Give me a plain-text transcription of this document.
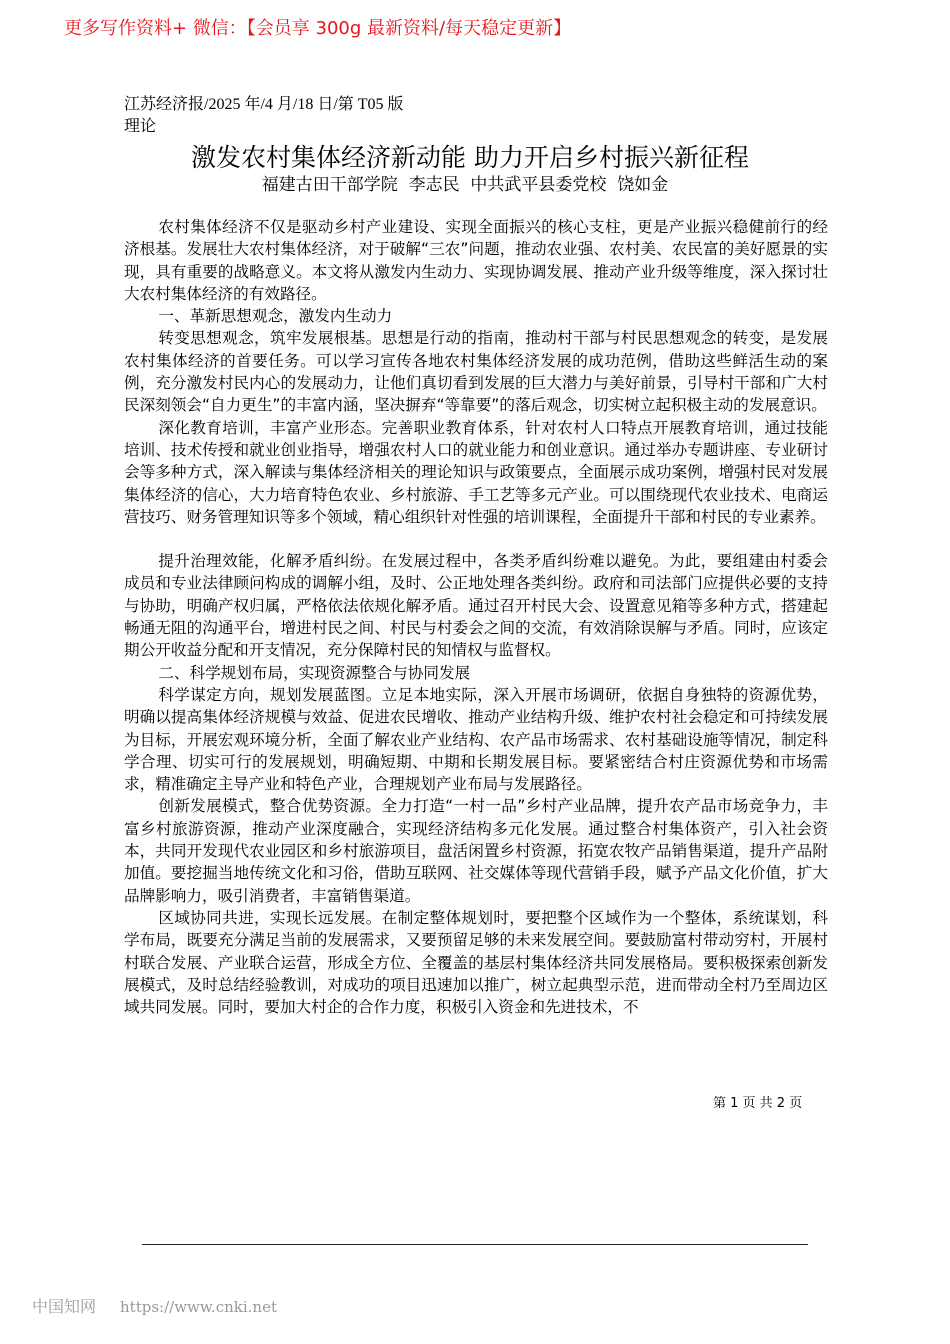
更多写作资料+ 微信：【会员享 300g 最新资料/每天稳定更新】
江苏经济报/2025 年/4 月/18 日/第 T05 版理论
激发农村集体经济新动能 助力开启乡村振兴新征程
福建古田干部学院  李志民  中共武平县委党校  饶如金

农村集体经济不仅是驱动乡村产业建设、实现全面振兴的核心支柱，更是产业振兴稳健前行的经济根基。发展壮大农村集体经济，对于破解“三农”问题，推动农业强、农村美、农民富的美好愿景的实现，具有重要的战略意义。本文将从激发内生动力、实现协调发展、推动产业升级等维度，深入探讨壮大农村集体经济的有效路径。

一、革新思想观念，激发内生动力

转变思想观念，筑牢发展根基。思想是行动的指南，推动村干部与村民思想观念的转变，是发展农村集体经济的首要任务。可以学习宣传各地农村集体经济发展的成功范例，借助这些鲜活生动的案例，充分激发村民内心的发展动力，让他们真切看到发展的巨大潜力与美好前景，引导村干部和广大村民深刻领会“自力更生”的丰富内涵，坚决摒弃“等靠要”的落后观念，切实树立起积极主动的发展意识。

深化教育培训，丰富产业形态。完善职业教育体系，针对农村人口特点开展教育培训，通过技能培训、技术传授和就业创业指导，增强农村人口的就业能力和创业意识。通过举办专题讲座、专业研讨会等多种方式，深入解读与集体经济相关的理论知识与政策要点，全面展示成功案例，增强村民对发展集体经济的信心，大力培育特色农业、乡村旅游、手工艺等多元产业。可以围绕现代农业技术、电商运营技巧、财务管理知识等多个领域，精心组织针对性强的培训课程，全面提升干部和村民的专业素养。

提升治理效能，化解矛盾纠纷。在发展过程中，各类矛盾纠纷难以避免。为此，要组建由村委会成员和专业法律顾问构成的调解小组，及时、公正地处理各类纠纷。政府和司法部门应提供必要的支持与协助，明确产权归属，严格依法依规化解矛盾。通过召开村民大会、设置意见箱等多种方式，搭建起畅通无阻的沟通平台，增进村民之间、村民与村委会之间的交流，有效消除误解与矛盾。同时，应该定期公开收益分配和开支情况，充分保障村民的知情权与监督权。

二、科学规划布局，实现资源整合与协同发展

科学谋定方向，规划发展蓝图。立足本地实际，深入开展市场调研，依据自身独特的资源优势，明确以提高集体经济规模与效益、促进农民增收、推动产业结构升级、维护农村社会稳定和可持续发展为目标，开展宏观环境分析，全面了解农业产业结构、农产品市场需求、农村基础设施等情况，制定科学合理、切实可行的发展规划，明确短期、中期和长期发展目标。要紧密结合村庄资源优势和市场需求，精准确定主导产业和特色产业，合理规划产业布局与发展路径。

创新发展模式，整合优势资源。全力打造“一村一品”乡村产业品牌，提升农产品市场竞争力，丰富乡村旅游资源，推动产业深度融合，实现经济结构多元化发展。通过整合村集体资产，引入社会资本，共同开发现代农业园区和乡村旅游项目，盘活闲置乡村资源，拓宽农牧产品销售渠道，提升产品附加值。要挖掘当地传统文化和习俗，借助互联网、社交媒体等现代营销手段，赋予产品文化价值，扩大品牌影响力，吸引消费者，丰富销售渠道。

区域协同共进，实现长远发展。在制定整体规划时，要把整个区域作为一个整体，系统谋划，科学布局，既要充分满足当前的发展需求，又要预留足够的未来发展空间。要鼓励富村带动穷村，开展村村联合发展、产业联合运营，形成全方位、全覆盖的基层村集体经济共同发展格局。要积极探索创新发展模式，及时总结经验教训，对成功的项目迅速加以推广，树立起典型示范，进而带动全村乃至周边区域共同发展。同时，要加大村企的合作力度，积极引入资金和先进技术，不

第 1 页 共 2 页
中国知网 https://www.cnki.net
